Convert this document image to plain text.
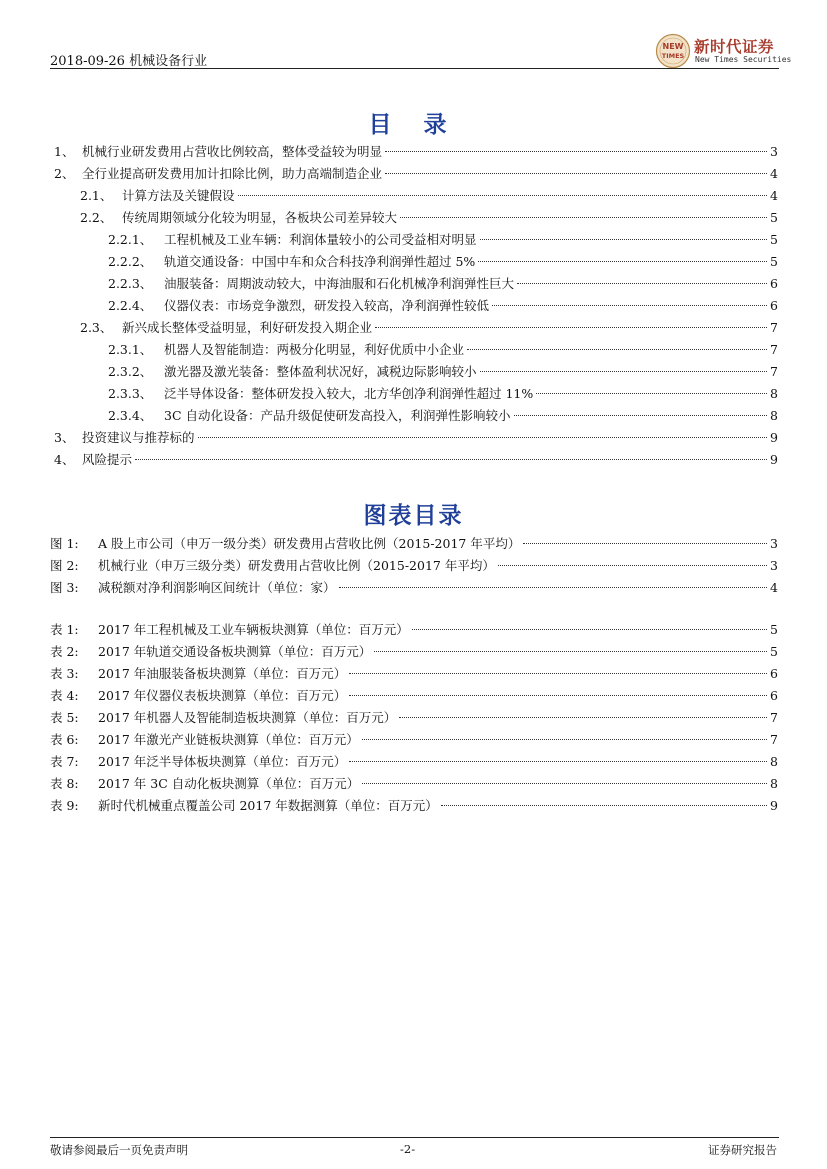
2018-09-26 机械设备行业
NEW
TIMES 新时代证券
New Times Securities
目 录
1、 机械行业研发费用占营收比例较高，整体受益较为明显	3
2、 全行业提高研发费用加计扣除比例，助力高端制造企业	4
2.1、 计算方法及关键假设	4
2.2、 传统周期领域分化较为明显，各板块公司差异较大	5
2.2.1、 工程机械及工业车辆：利润体量较小的公司受益相对明显	5
2.2.2、 轨道交通设备：中国中车和众合科技净利润弹性超过 5%	5
2.2.3、 油服装备：周期波动较大，中海油服和石化机械净利润弹性巨大	6
2.2.4、 仪器仪表：市场竞争激烈，研发投入较高，净利润弹性较低	6
2.3、 新兴成长整体受益明显，利好研发投入期企业	7
2.3.1、 机器人及智能制造：两极分化明显，利好优质中小企业	7
2.3.2、 激光器及激光装备：整体盈利状况好，减税边际影响较小	7
2.3.3、 泛半导体设备：整体研发投入较大，北方华创净利润弹性超过 11%	8
2.3.4、 3C 自动化设备：产品升级促使研发高投入，利润弹性影响较小	8
3、 投资建议与推荐标的	9
4、 风险提示	9
图表目录
图 1:	A 股上市公司（申万一级分类）研发费用占营收比例（2015-2017 年平均）	3
图 2:	机械行业（申万三级分类）研发费用占营收比例（2015-2017 年平均）	3
图 3:	减税额对净利润影响区间统计（单位：家）	4
表 1:	2017 年工程机械及工业车辆板块测算（单位：百万元）	5
表 2:	2017 年轨道交通设备板块测算（单位：百万元）	5
表 3:	2017 年油服装备板块测算（单位：百万元）	6
表 4:	2017 年仪器仪表板块测算（单位：百万元）	6
表 5:	2017 年机器人及智能制造板块测算（单位：百万元）	7
表 6:	2017 年激光产业链板块测算（单位：百万元）	7
表 7:	2017 年泛半导体板块测算（单位：百万元）	8
表 8:	2017 年 3C 自动化板块测算（单位：百万元）	8
表 9:	新时代机械重点覆盖公司 2017 年数据测算（单位：百万元）	9
敬请参阅最后一页免责声明	-2-	证券研究报告
